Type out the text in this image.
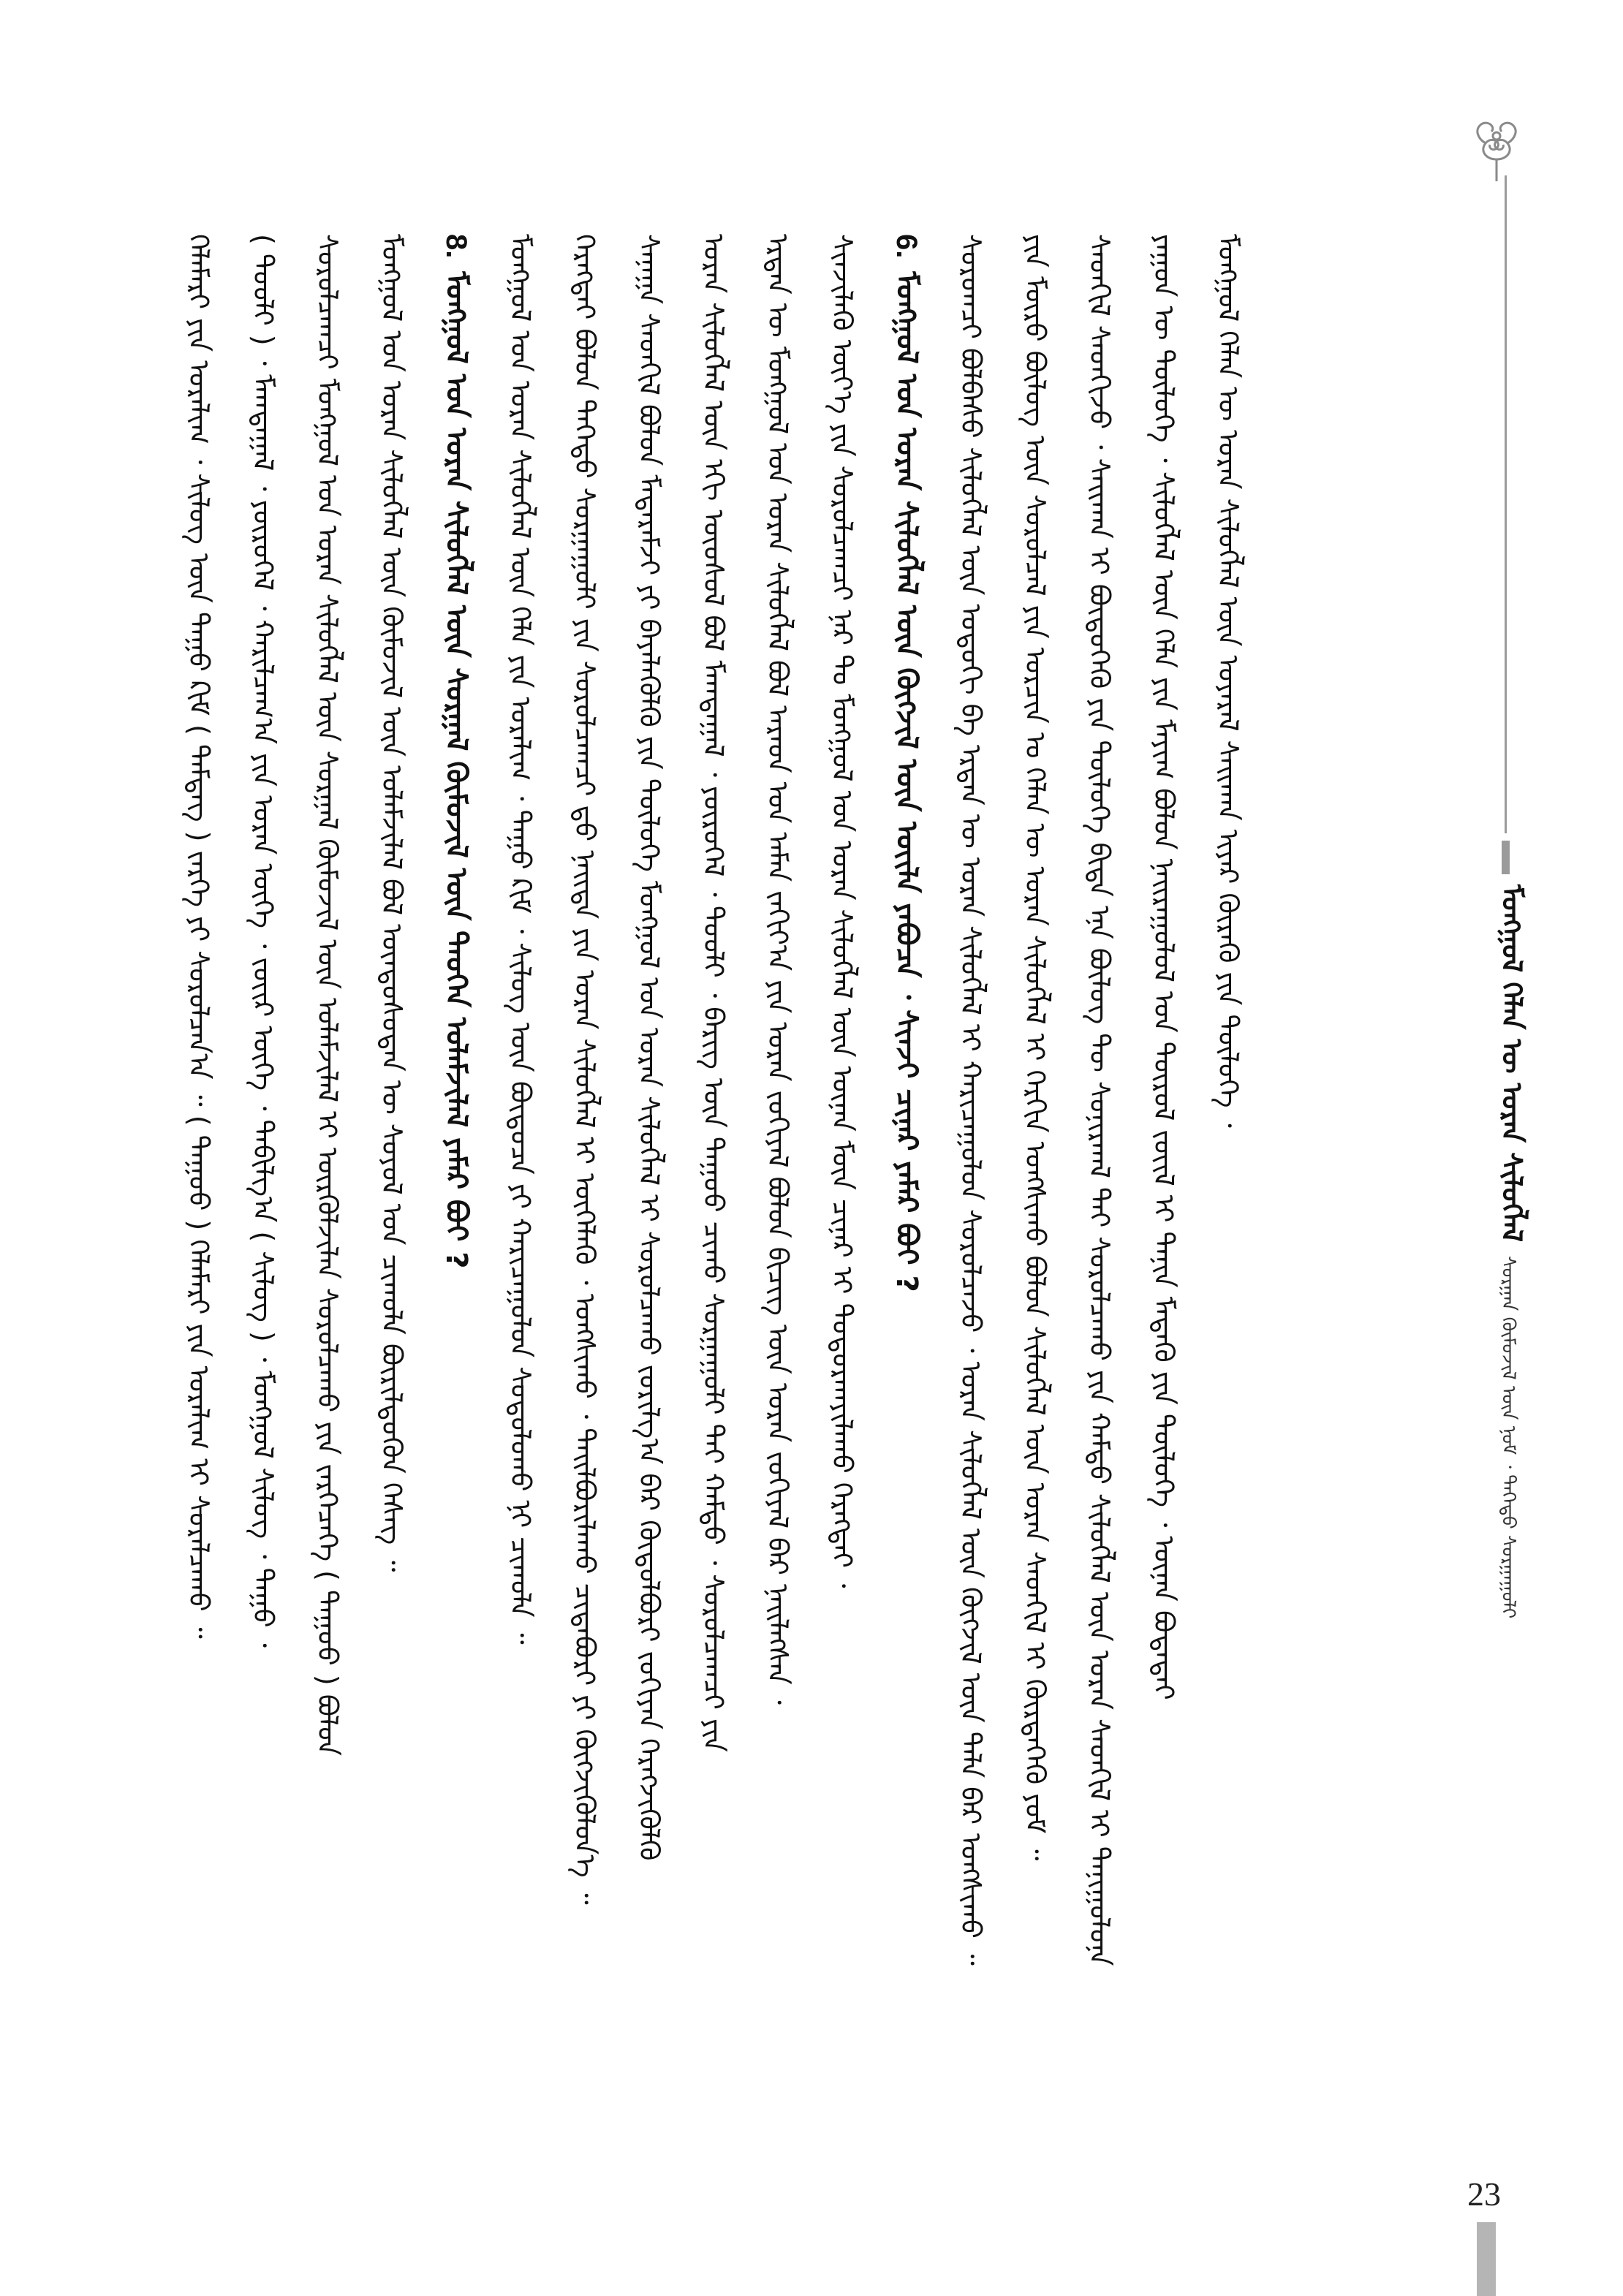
ᠮᠣᠩᠭᠣᠯ ᠬᠡᠯᠡᠨ ᠦ ᠤᠷᠠᠨ ᠰᠢᠯᠦᠭᠯᠡᠯ ᠰᠤᠷᠭᠠᠨ ᠬᠦᠮᠦᠵᠢᠯ ᠦᠨ ᠨᠣᠮ ᠂ ᠳᠡᠭᠡᠳᠦ ᠰᠤᠷᠭᠠᠭᠤᠯᠢ
23
ᠮᠣᠩᠭᠣᠯ ᠬᠡᠯᠡᠨ ᠦ ᠤᠷᠠᠨ ᠰᠢᠯᠦᠭᠯᠡᠯ ᠦᠨ ᠤᠶᠠᠷᠠᠯ ᠰᠠᠢᠬᠠᠨ ᠢᠶᠠᠷ ᠬᠦᠷᠡᠬᠦ ᠶᠢᠨ ᠲᠥᠯᠥᠭᠡ ᠂
ᠶᠠᠭᠤᠨ ᠦ ᠲᠥᠯᠥᠭᠡ ᠂ ᠰᠢᠯᠦᠭᠯᠡᠯ ᠦᠨ ᠬᠡᠯᠡ ᠶᠢᠨ ᠮᠠᠶᠢᠭ ᠪᠣᠯᠤᠨ ᠨᠠᠢᠷᠠᠭᠤᠯᠤᠯ ᠤᠨ ᠲᠥᠷᠥᠯ ᠵᠦᠢᠯ ᠢ ᠲᠠᠨᠢᠨ ᠮᠡᠳᠡᠬᠦ ᠶᠢᠨ ᠲᠥᠯᠥᠭᠡ ᠂ ᠦᠨᠡᠨ ᠪᠣᠳᠠᠲᠠᠢ
ᠰᠡᠳᠬᠢᠯ ᠰᠡᠳᠬᠢᠵᠦ ᠂ ᠰᠠᠢᠬᠠᠨ ᠢ ᠪᠦᠲᠦᠭᠡᠬᠦ ᠶᠢᠨ ᠲᠥᠯᠥᠭᠡ ᠪᠢᠳᠡ ᠡᠨᠡ ᠪᠦᠯᠦᠭ ᠲᠦ ᠰᠣᠨᠢᠷᠬᠠᠯ ᠲᠠᠢ ᠰᠤᠷᠤᠯᠴᠠᠬᠤ ᠶᠢᠨ ᠬᠠᠮᠲᠤ ᠰᠢᠯᠦᠭᠯᠡᠯ ᠦᠨ ᠤᠷᠠᠨ ᠰᠡᠳᠬᠢᠯ ᠢ ᠲᠠᠨᠢᠭᠤᠯᠤᠨᠠ
ᠶᠢᠨ ᠮᠥᠷᠥ ᠪᠦᠯᠦᠭ ᠦᠨ ᠰᠤᠷᠤᠯᠴᠠᠯ ᠶᠢᠨ ᠣᠷᠴᠢᠨ ᠤ ᠬᠡᠯᠡᠨ ᠦ ᠤᠷᠠᠨ ᠰᠢᠯᠦᠭᠯᠡᠯ ᠢ ᠬᠡᠷᠬᠢᠨ ᠤᠩᠰᠢᠬᠤ ᠪᠣᠯᠤᠨ ᠰᠢᠯᠦᠭᠯᠡᠯ ᠦᠨ ᠤᠷᠠᠨ ᠰᠡᠳᠬᠢᠯ ᠢ ᠬᠦᠷᠲᠡᠭᠡᠬᠦ ᠶᠤᠮ ᠃
ᠰᠤᠷᠤᠭᠴᠢ ᠪᠣᠯᠪᠠᠰᠤ ᠰᠢᠯᠦᠭᠯᠡᠯ ᠦᠨ ᠣᠳᠣᠬᠢ ᠪᠠ ᠡᠷᠲᠡᠨ ᠦ ᠤᠷᠠᠨ ᠰᠢᠯᠦᠭᠯᠡᠯ ᠢ ᠬᠠᠷᠢᠴᠠᠭᠤᠯᠤᠨ ᠰᠤᠷᠤᠯᠴᠠᠵᠤ ᠂ ᠤᠷᠠᠨ ᠰᠢᠯᠦᠭᠯᠡᠯ ᠦᠨ ᠬᠥᠭᠵᠢᠯ ᠦᠨ ᠲᠠᠯᠠ ᠪᠠᠷ ᠤᠩᠰᠢᠬᠤ ᠃
6.ᠮᠣᠩᠭᠣᠯ ᠤᠨ ᠤᠷᠠᠨ ᠰᠢᠯᠦᠭᠯᠡᠯ ᠦᠨ ᠬᠥᠭᠵᠢᠯ ᠦᠨ ᠦᠢᠯᠡ ᠶᠠᠪᠤᠴᠠ ᠂ ᠰᠢᠨᠵᠢ ᠴᠢᠨᠠᠷ ᠶᠠᠮᠠᠷ ᠪᠣᠢ ?
ᠰᠢᠨᠵᠢᠯᠡᠬᠦ ᠦᠶ᠎ᠡ ᠶᠢᠨ ᠰᠤᠷᠤᠯᠴᠠᠭᠴᠢ ᠨᠠᠷ ᠲᠤ ᠮᠣᠩᠭᠣᠯ ᠤᠨ ᠤᠷᠠᠨ ᠰᠢᠯᠦᠭᠯᠡᠯ ᠦᠨ ᠦᠨᠡᠨ ᠮᠥᠨ ᠴᠢᠨᠠᠷ ᠢ ᠲᠣᠳᠤᠷᠬᠠᠶᠢᠯᠠᠬᠤ ᠬᠡᠷᠡᠭᠲᠡᠢ ᠂
ᠡᠷᠲᠡᠨ ᠦ ᠮᠣᠩᠭᠣᠯ ᠤᠨ ᠤᠷᠠᠨ ᠰᠢᠯᠦᠭᠯᠡᠯ ᠪᠣᠯ ᠠᠷᠠᠳ ᠤᠨ ᠠᠮᠠᠨ ᠵᠠᠬᠢᠶ᠎ᠠ ᠶᠢᠨ ᠤᠷᠠᠨ ᠵᠣᠬᠢᠶᠠᠯ ᠪᠣᠯᠤᠨ ᠪᠢᠴᠢᠭ᠌ ᠦᠨ ᠤᠷᠠᠨ ᠵᠣᠬᠢᠶᠠᠯ ᠪᠠᠷ ᠨᠡᠢᠯᠡᠭᠰᠡᠨ ᠂
ᠤᠷᠠᠨ ᠰᠢᠯᠦᠭᠯᠡᠯ ᠦᠨ ᠡᠬᠢ ᠦᠦᠰᠦᠯ ᠪᠣᠯ ᠮᠠᠭᠲᠠᠭᠠᠯ ᠂ ᠶᠥᠷᠦᠭᠡᠯ ᠂ ᠲᠤᠤᠯᠢ ᠂ ᠪᠡᠷᠢᠭ ᠦᠨ ᠳᠠᠭᠤᠤ ᠴᠢᠬᠤ ᠰᠤᠷᠭᠠᠭᠤᠯᠢ ᠲᠠᠢ ᠬᠠᠮᠲᠤ ᠂ ᠰᠤᠷᠤᠯᠴᠠᠭᠴᠢ ᠶᠢᠨ
ᠰᠠᠨᠠᠭᠠ ᠰᠡᠳᠬᠢᠯ ᠪᠣᠯᠤᠨ ᠮᠡᠳᠡᠷᠡᠮᠵᠢ ᠶᠢ ᠪᠡᠶᠡᠯᠡᠭᠦᠯᠬᠦ ᠶᠢᠨ ᠲᠥᠯᠥᠭᠡ ᠮᠣᠩᠭᠣᠯ ᠤᠨ ᠤᠷᠠᠨ ᠰᠢᠯᠦᠭᠯᠡᠯ ᠢ ᠰᠤᠷᠤᠯᠴᠠᠬᠤ ᠵᠤᠷᠢᠯᠭ᠎ᠠ ᠪᠠᠷ ᠬᠥᠲᠦᠯᠪᠦᠷᠢ ᠵᠣᠬᠢᠶᠠᠨ ᠬᠡᠷᠡᠭᠵᠢᠭᠦᠯᠬᠦ
ᠬᠡᠷᠡᠭᠲᠡᠢ ᠪᠣᠯᠤᠨ ᠳᠡᠭᠡᠳᠦ ᠰᠤᠷᠭᠠᠭᠤᠯᠢ ᠶᠢᠨ ᠰᠤᠷᠤᠯᠴᠠᠭᠴᠢ ᠳ᠋ᠤ ᠨᠡᠢᠲᠡ ᠶᠢᠨ ᠤᠷᠠᠨ ᠰᠢᠯᠦᠭᠯᠡᠯ ᠢ ᠦᠭᠡᠯᠡᠬᠦ ᠂ ᠤᠩᠰᠢᠬᠤ ᠂ ᠲᠠᠢᠯᠪᠤᠷᠢᠯᠠᠬᠤ ᠴᠢᠳᠠᠪᠤᠷᠢ ᠶᠢ ᠬᠥᠭᠵᠢᠭᠦᠯᠦᠨ᠎ᠡ ᠃
ᠮᠣᠩᠭᠣᠯ ᠤᠨ ᠤᠷᠠᠨ ᠰᠢᠯᠦᠭᠯᠡᠯ ᠦᠨ ᠬᠡᠯᠡ ᠶᠢᠨ ᠤᠷᠠᠯᠢᠭ ᠂ ᠳᠠᠭᠤ ᠺᠢᠮ ᠂ ᠰᠢᠯᠦᠭ ᠦᠨ ᠪᠦᠲᠦᠴᠡ ᠶᠢ ᠬᠠᠷᠢᠴᠠᠭᠤᠯᠤᠨ ᠰᠤᠳᠤᠯᠤᠬᠤ ᠨᠢ ᠴᠢᠬᠤᠯᠠ ᠃
8.ᠮᠣᠩᠭᠣᠯ ᠤᠨ ᠤᠷᠠᠨ ᠰᠢᠯᠦᠭᠯᠡᠯ ᠦᠨ ᠰᠤᠷᠭᠠᠯ ᠬᠥᠮᠥᠵᠢᠯ ᠦᠨ ᠲᠡᠤᠬᠡᠨ ᠤᠯᠠᠮᠵᠢᠯᠠᠯ ᠶᠠᠮᠠᠷ ᠪᠣᠢ ?
ᠮᠣᠩᠭᠣᠯ ᠤᠨ ᠤᠷᠠᠨ ᠰᠢᠯᠦᠭᠯᠡᠯ ᠦᠨ ᠬᠦᠮᠦᠵᠢᠯ ᠦᠨ ᠤᠯᠠᠮᠵᠢᠯᠠᠯ ᠪᠣᠯ ᠦᠨᠳᠦᠰᠦᠲᠡᠨ ᠦ ᠰᠣᠶᠣᠯ ᠤᠨ ᠴᠢᠬᠤᠯᠠ ᠪᠦᠷᠢᠯᠳᠦᠬᠦᠨ ᠬᠡᠰᠡᠭ ᠃
ᠰᠤᠷᠤᠯᠴᠠᠭᠴᠢ ᠮᠣᠩᠭᠣᠯ ᠤᠨ ᠤᠷᠠᠨ ᠰᠢᠯᠦᠭᠯᠡᠯ ᠦᠨ ᠰᠤᠷᠭᠠᠯ ᠬᠥᠮᠥᠵᠢᠯ ᠦᠨ ᠤᠯᠠᠮᠵᠢᠯᠠᠯ ᠢ ᠦᠷᠭᠦᠯᠵᠢᠯᠡᠨ ᠰᠤᠷᠤᠯᠴᠠᠬᠤ ᠶᠢᠨ ᠵᠡᠷᠭᠡᠴᠡᠭᠡ ( ᠳᠠᠭᠤᠤ ) ᠪᠣᠯᠤᠨ
( ᠲᠤᠤᠯᠢ ) ᠂ ᠮᠠᠭᠲᠠᠭᠠᠯ ᠂ ᠶᠥᠷᠦᠭᠡᠯ ᠂ ᠬᠠᠷᠢᠯᠴᠠᠭ᠎ᠠ ᠶᠢᠨ ᠤᠷᠠᠨ ᠦᠭᠡ ᠂ ᠵᠦᠢᠷ ᠦᠭᠡ ᠂ ᠲᠠᠪᠢᠯᠭ᠎ᠠ ( ᠰᠢᠯᠦᠭ ) ᠂ ᠮᠣᠩᠭᠣᠯ ᠰᠢᠯᠦᠭ ᠂ ᠳᠠᠭᠤ ᠂
ᠬᠡᠯᠡᠮᠡᠷᠢ ᠶᠢᠨ ᠤᠷᠠᠯᠢᠭ ᠂ ᠰᠢᠯᠦᠭ ᠦᠨ ᠳᠠᠭᠤ ᠺᠢᠮ ( ᠲᠡᠮᠳᠡᠭ ) ᠵᠡᠷᠭᠡ ᠶᠢ ᠰᠤᠷᠤᠯᠴᠠᠨ᠎ᠠ ᠃ ( ᠳᠠᠭᠤᠤ ) ᠬᠡᠯᠡᠮᠡᠷᠢ ᠶᠢᠨ ᠤᠷᠠᠯᠢᠭ ᠢ ᠰᠤᠷᠠᠯᠴᠠᠬᠤ ᠃
